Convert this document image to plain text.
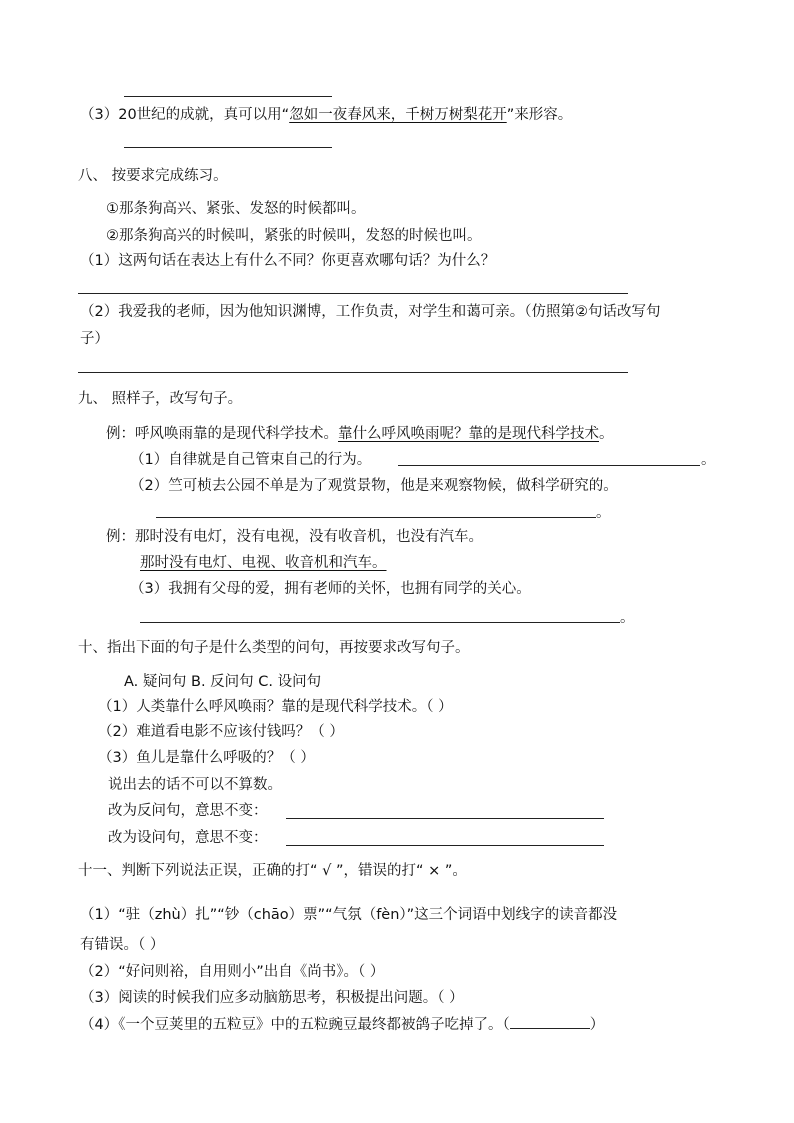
（3）20世纪的成就，真可以用“忽如一夜春风来，千树万树梨花开”来形容。
八、 按要求完成练习。
①那条狗高兴、紧张、发怒的时候都叫。
②那条狗高兴的时候叫，紧张的时候叫，发怒的时候也叫。
（1）这两句话在表达上有什么不同？你更喜欢哪句话？为什么？
（2）我爱我的老师，因为他知识渊博，工作负责，对学生和蔼可亲。（仿照第②句话改写句
子）
九、 照样子，改写句子。
例：呼风唤雨靠的是现代科学技术。靠什么呼风唤雨呢？靠的是现代科学技术。
（1）自律就是自己管束自己的行为。	。
（2）竺可桢去公园不单是为了观赏景物，他是来观察物候，做科学研究的。
。
例：那时没有电灯，没有电视，没有收音机，也没有汽车。
那时没有电灯、电视、收音机和汽车。
（3）我拥有父母的爱，拥有老师的关怀，也拥有同学的关心。
。
十、指出下面的句子是什么类型的问句，再按要求改写句子。
A. 疑问句 B. 反问句 C. 设问句
（1）人类靠什么呼风唤雨？靠的是现代科学技术。（ ）
（2）难道看电影不应该付钱吗？（ ）
（3）鱼儿是靠什么呼吸的？（ ）
说出去的话不可以不算数。
改为反问句，意思不变：
改为设问句，意思不变：
十一、判断下列说法正误，正确的打“ √ ”，错误的打“ × ”。
（1）“驻（zhù）扎”“钞（chāo）票”“气氛（fèn）”这三个词语中划线字的读音都没
有错误。（ ）
（2）“好问则裕，自用则小”出自《尚书》。（ ）
（3）阅读的时候我们应多动脑筋思考，积极提出问题。（ ）
（4）《一个豆荚里的五粒豆》中的五粒豌豆最终都被鸽子吃掉了。（	）
